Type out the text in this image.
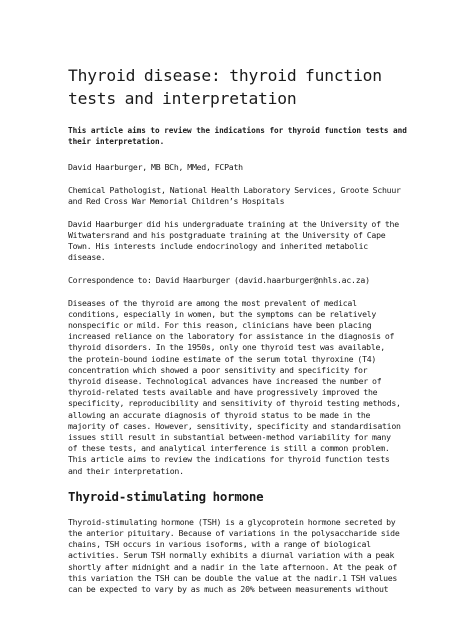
Thyroid disease: thyroid function
tests and interpretation

This article aims to review the indications for thyroid function tests and
their interpretation.

David Haarburger, MB BCh, MMed, FCPath

Chemical Pathologist, National Health Laboratory Services, Groote Schuur
and Red Cross War Memorial Children’s Hospitals

David Haarburger did his undergraduate training at the University of the
Witwatersrand and his postgraduate training at the University of Cape
Town. His interests include endocrinology and inherited metabolic
disease.

Correspondence to: David Haarburger (david.haarburger@nhls.ac.za)

Diseases of the thyroid are among the most prevalent of medical
conditions, especially in women, but the symptoms can be relatively
nonspecific or mild. For this reason, clinicians have been placing
increased reliance on the laboratory for assistance in the diagnosis of
thyroid disorders. In the 1950s, only one thyroid test was available,
the protein-bound iodine estimate of the serum total thyroxine (T4)
concentration which showed a poor sensitivity and specificity for
thyroid disease. Technological advances have increased the number of
thyroid-related tests available and have progressively improved the
specificity, reproducibility and sensitivity of thyroid testing methods,
allowing an accurate diagnosis of thyroid status to be made in the
majority of cases. However, sensitivity, specificity and standardisation
issues still result in substantial between-method variability for many
of these tests, and analytical interference is still a common problem.
This article aims to review the indications for thyroid function tests
and their interpretation.

Thyroid-stimulating hormone

Thyroid-stimulating hormone (TSH) is a glycoprotein hormone secreted by
the anterior pituitary. Because of variations in the polysaccharide side
chains, TSH occurs in various isoforms, with a range of biological
activities. Serum TSH normally exhibits a diurnal variation with a peak
shortly after midnight and a nadir in the late afternoon. At the peak of
this variation the TSH can be double the value at the nadir.1 TSH values
can be expected to vary by as much as 20% between measurements without
